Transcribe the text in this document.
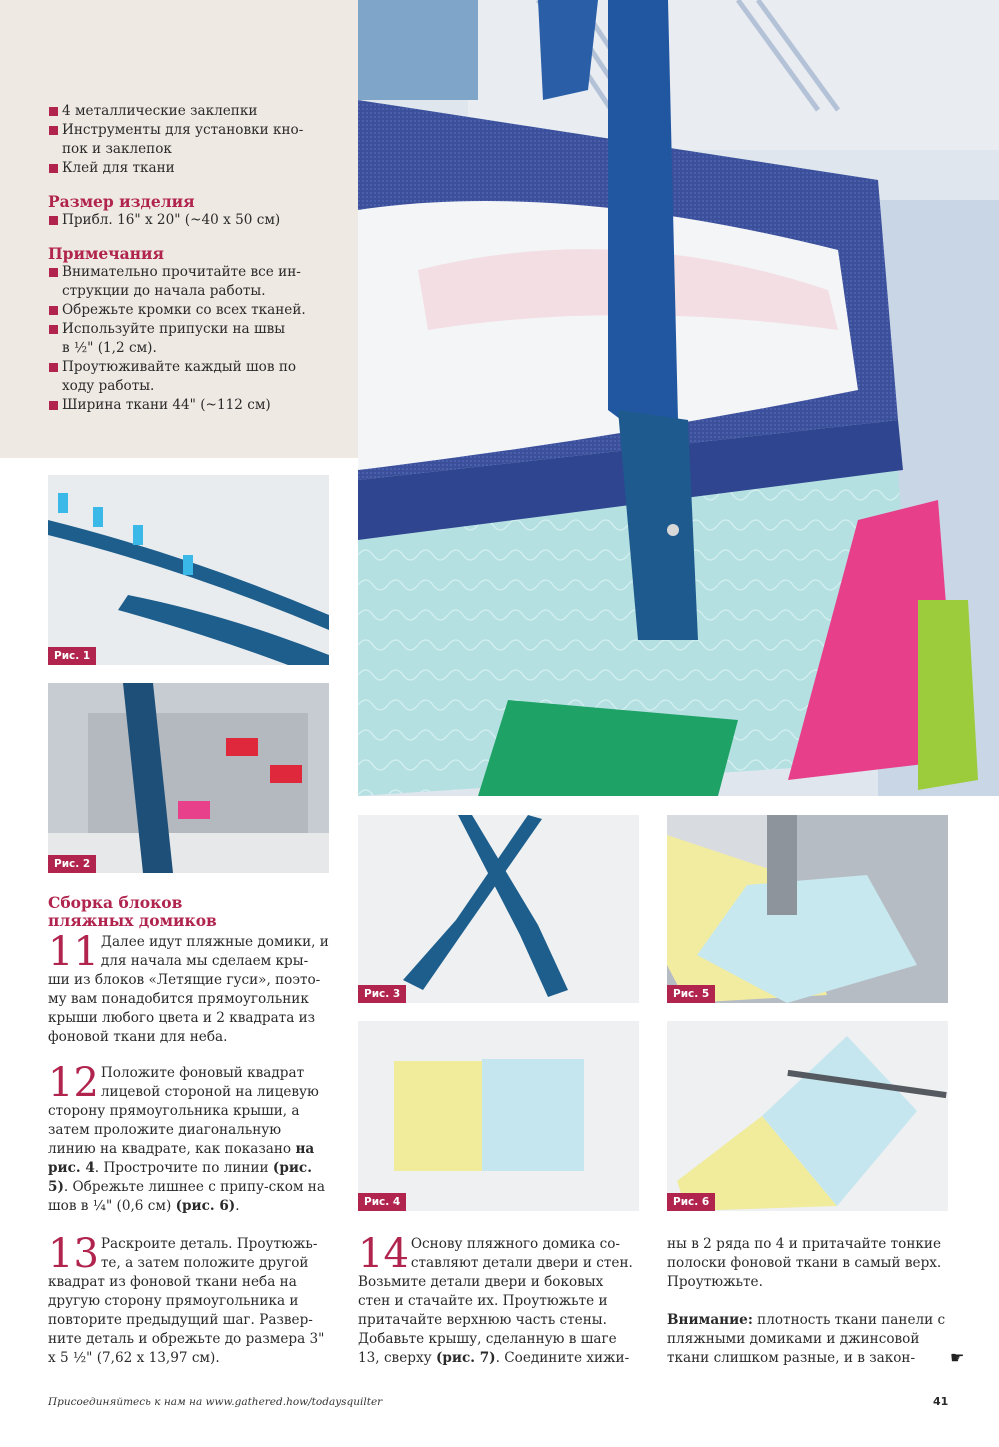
4 металлические заклепки
Инструменты для установки кно-
пок и заклепок
Клей для ткани
Размер изделия
Прибл. 16" х 20" (~40 х 50 см)
Примечания
Внимательно прочитайте все ин-
струкции до начала работы.
Обрежьте кромки со всех тканей.
Используйте припуски на швы
в ½" (1,2 см).
Проутюживайте каждый шов по
ходу работы.
Ширина ткани 44" (~112 см)
Рис. 1
Рис. 2
Рис. 3	Рис. 5
Рис. 4	Рис. 6
Сборка блоков
пляжных домиков
11 Далее идут пляжные домики, и для начала мы сделаем кры-ши из блоков «Летящие гуси», поэто-му вам понадобится прямоугольник крыши любого цвета и 2 квадрата из фоновой ткани для неба.
12 Положите фоновый квадрат лицевой стороной на лицевую сторону прямоугольника крыши, а затем проложите диагональную линию на квадрате, как показано на рис. 4. Прострочите по линии (рис. 5). Обрежьте лишнее с припу-ском на шов в ¼" (0,6 см) (рис. 6).
13 Раскроите деталь. Проутюжь-те, а затем положите другой квадрат из фоновой ткани неба на другую сторону прямоугольника и повторите предыдущий шаг. Развер-ните деталь и обрежьте до размера 3" х 5 ½" (7,62 х 13,97 см).
14 Основу пляжного домика со-ставляют детали двери и стен. Возьмите детали двери и боковых стен и стачайте их. Проутюжьте и притачайте верхнюю часть стены. Добавьте крышу, сделанную в шаге 13, сверху (рис. 7). Соедините хижи-
ны в 2 ряда по 4 и притачайте тонкие полоски фоновой ткани в самый верх. Проутюжьте.
Внимание: плотность ткани панели с пляжными домиками и джинсовой ткани слишком разные, и в закон-	☛
Присоединяйтесь к нам на www.gathered.how/todaysquilter	41
